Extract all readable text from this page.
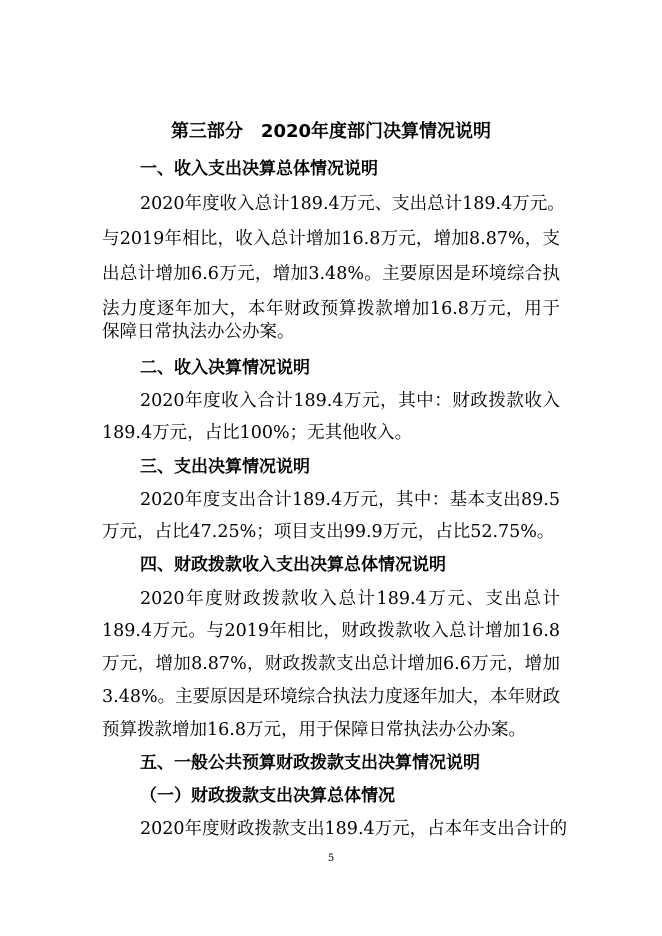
第三部分　2020年度部门决算情况说明
一、收入支出决算总体情况说明
2020年度收入总计189.4万元、支出总计189.4万元。
与2019年相比，收入总计增加16.8万元，增加8.87%，支
出总计增加6.6万元，增加3.48%。主要原因是环境综合执
法力度逐年加大，本年财政预算拨款增加16.8万元，用于
保障日常执法办公办案。
二、收入决算情况说明
2020年度收入合计189.4万元，其中：财政拨款收入
189.4万元，占比100%；无其他收入。
三、支出决算情况说明
2020年度支出合计189.4万元，其中：基本支出89.5
万元，占比47.25%；项目支出99.9万元，占比52.75%。
四、财政拨款收入支出决算总体情况说明
2020年度财政拨款收入总计189.4万元、支出总计
189.4万元。与2019年相比，财政拨款收入总计增加16.8
万元，增加8.87%，财政拨款支出总计增加6.6万元，增加
3.48%。主要原因是环境综合执法力度逐年加大，本年财政
预算拨款增加16.8万元，用于保障日常执法办公办案。
五、一般公共预算财政拨款支出决算情况说明
（一）财政拨款支出决算总体情况
2020年度财政拨款支出189.4万元，占本年支出合计的
5
